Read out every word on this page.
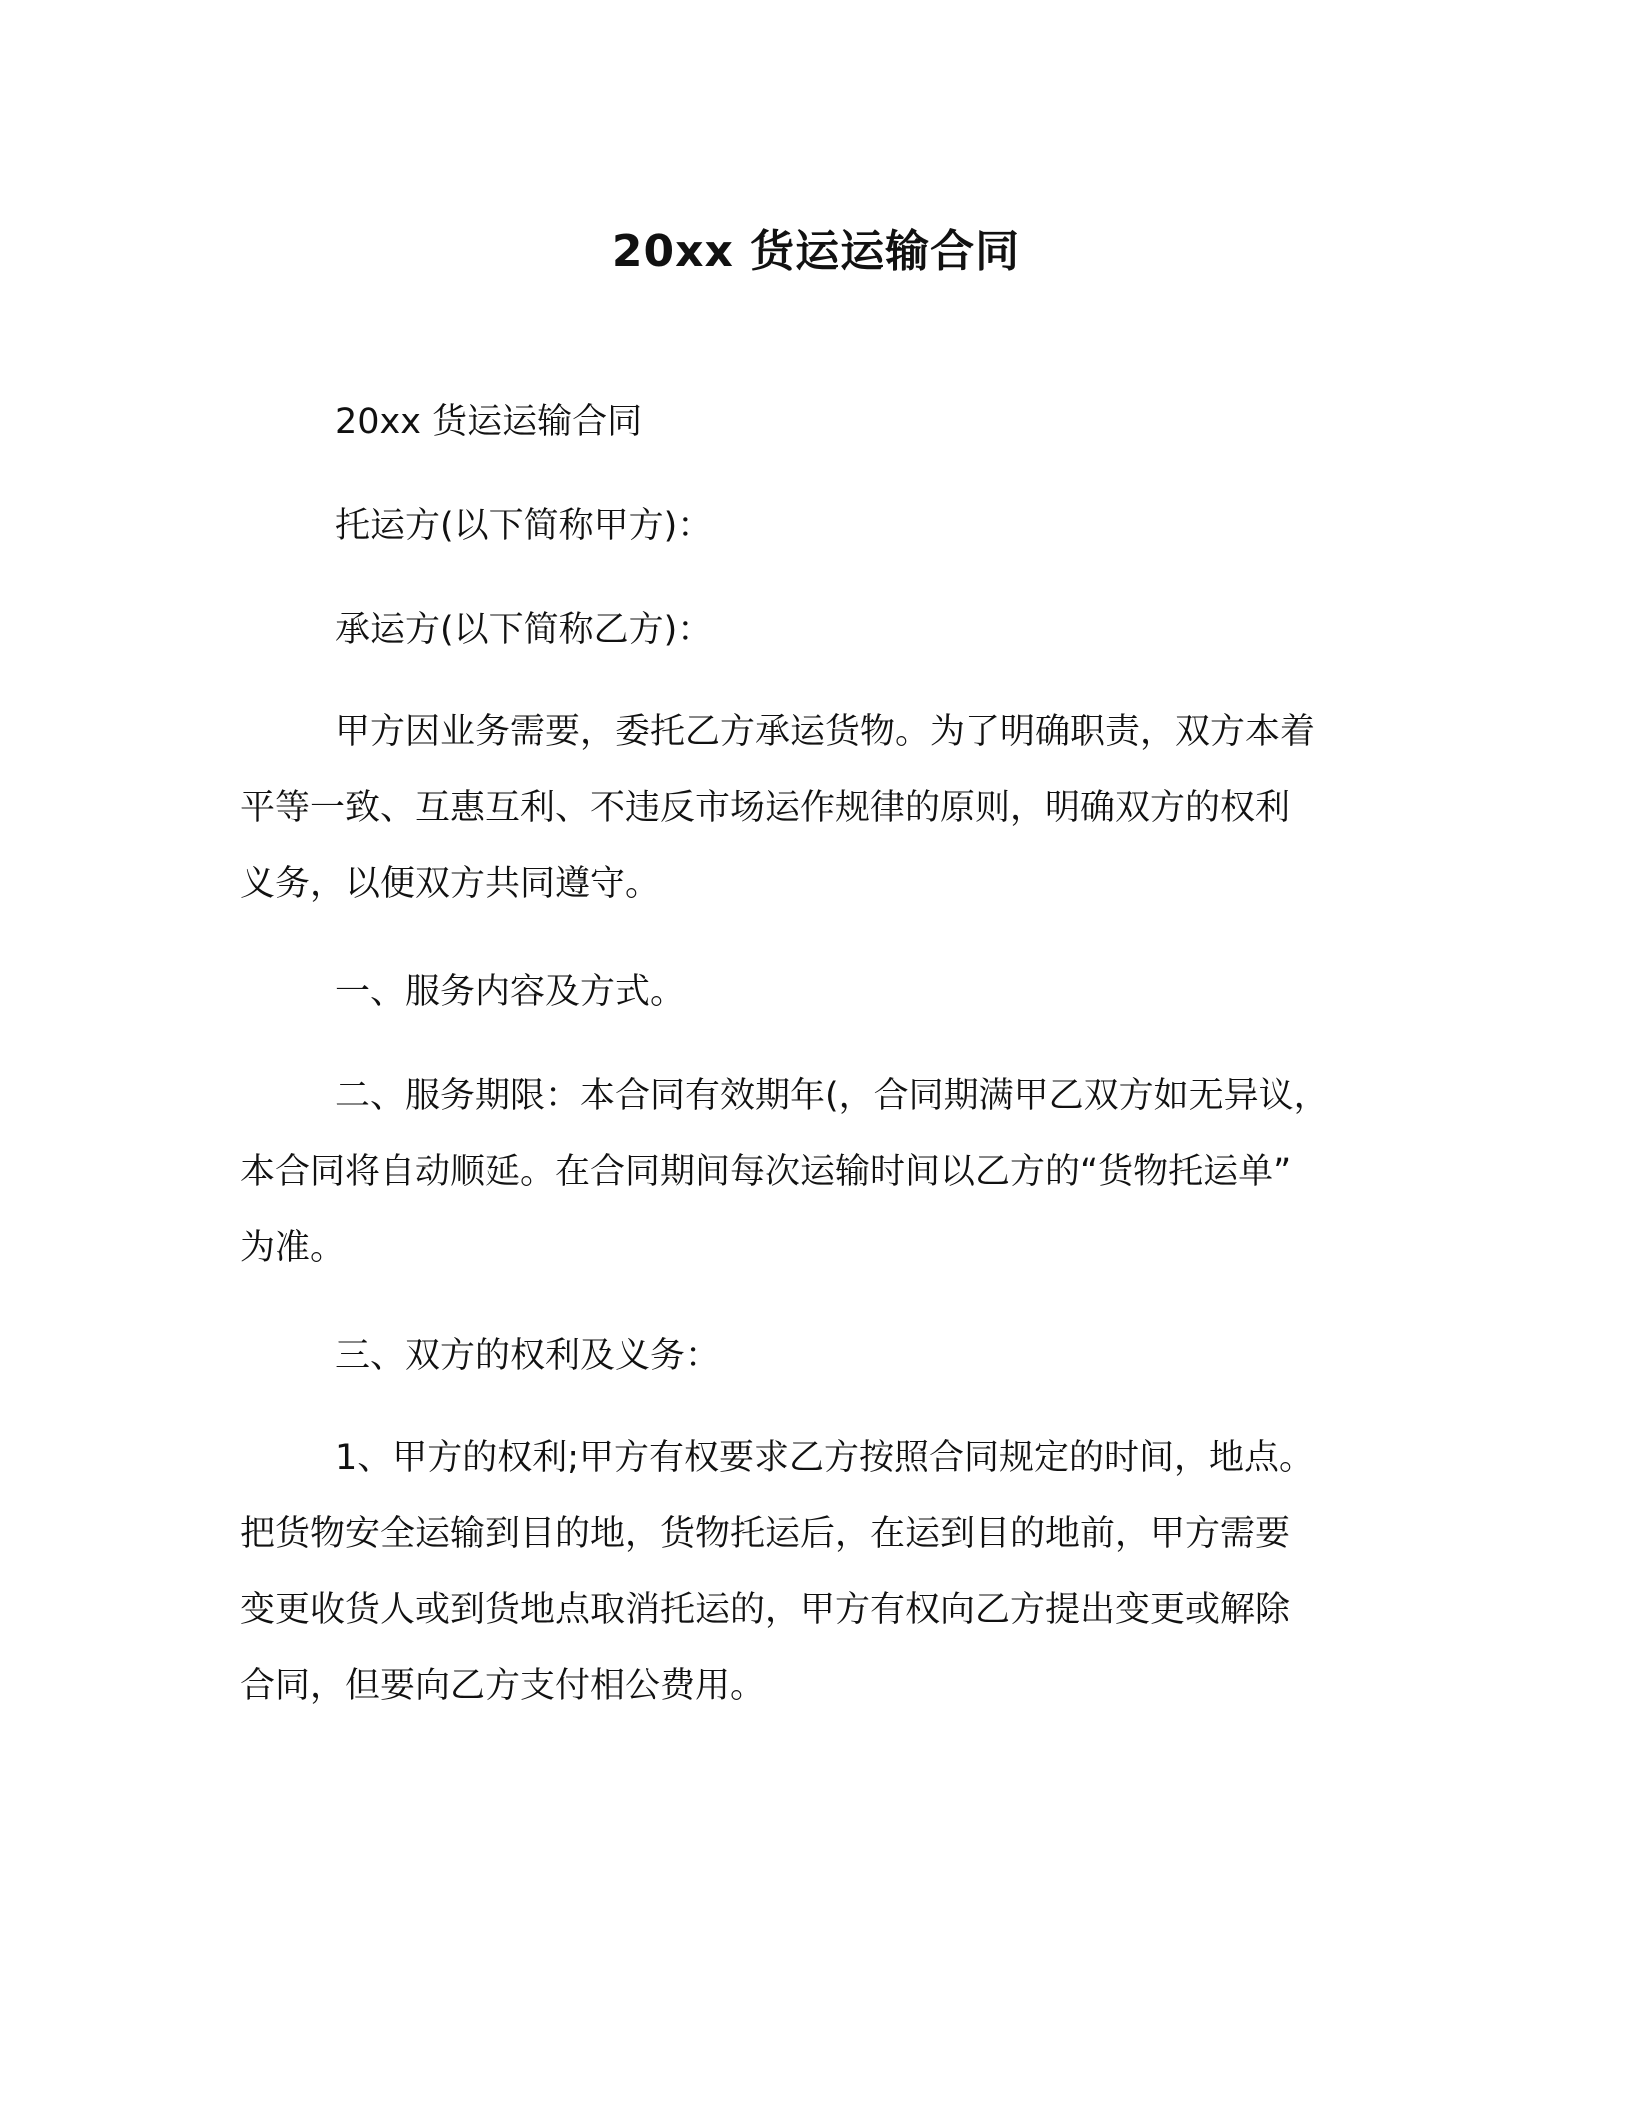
20xx 货运运输合同
20xx 货运运输合同
托运方(以下简称甲方)：
承运方(以下简称乙方)：
甲方因业务需要，委托乙方承运货物。为了明确职责，双方本着
平等一致、互惠互利、不违反市场运作规律的原则，明确双方的权利
义务，以便双方共同遵守。
一、服务内容及方式。
二、服务期限：本合同有效期年(，合同期满甲乙双方如无异议，
本合同将自动顺延。在合同期间每次运输时间以乙方的“货物托运单”
为准。
三、双方的权利及义务：
1、甲方的权利;甲方有权要求乙方按照合同规定的时间，地点。
把货物安全运输到目的地，货物托运后，在运到目的地前，甲方需要
变更收货人或到货地点取消托运的，甲方有权向乙方提出变更或解除
合同，但要向乙方支付相公费用。
